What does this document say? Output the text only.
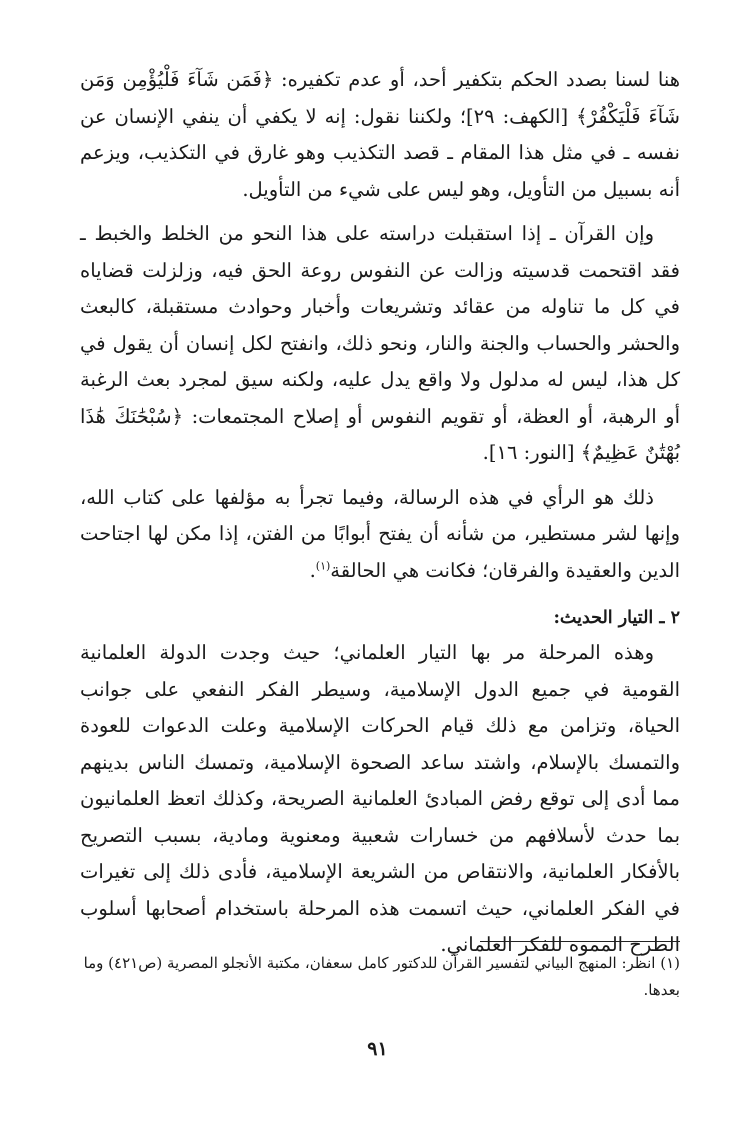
هنا لسنا بصدد الحكم بتكفير أحد، أو عدم تكفيره: ﴿فَمَن شَآءَ فَلْيُؤْمِن وَمَن شَآءَ فَلْيَكْفُرْ﴾ [الكهف: ٢٩]؛ ولكننا نقول: إنه لا يكفي أن ينفي الإنسان عن نفسه ـ في مثل هذا المقام ـ قصد التكذيب وهو غارق في التكذيب، ويزعم أنه بسبيل من التأويل، وهو ليس على شيء من التأويل.

وإن القرآن ـ إذا استقبلت دراسته على هذا النحو من الخلط والخبط ـ فقد اقتحمت قدسيته وزالت عن النفوس روعة الحق فيه، وزلزلت قضاياه في كل ما تناوله من عقائد وتشريعات وأخبار وحوادث مستقبلة، كالبعث والحشر والحساب والجنة والنار، ونحو ذلك، وانفتح لكل إنسان أن يقول في كل هذا، ليس له مدلول ولا واقع يدل عليه، ولكنه سيق لمجرد بعث الرغبة أو الرهبة، أو العظة، أو تقويم النفوس أو إصلاح المجتمعات: ﴿سُبْحَٰنَكَ هَٰذَا بُهْتَٰنٌ عَظِيمٌ﴾ [النور: ١٦].

ذلك هو الرأي في هذه الرسالة، وفيما تجرأ به مؤلفها على كتاب الله، وإنها لشر مستطير، من شأنه أن يفتح أبوابًا من الفتن، إذا مكن لها اجتاحت الدين والعقيدة والفرقان؛ فكانت هي الحالقة$^{(١)}$.

٢ ـ التيار الحديث:

وهذه المرحلة مر بها التيار العلماني؛ حيث وجدت الدولة العلمانية القومية في جميع الدول الإسلامية، وسيطر الفكر النفعي على جوانب الحياة، وتزامن مع ذلك قيام الحركات الإسلامية وعلت الدعوات للعودة والتمسك بالإسلام، واشتد ساعد الصحوة الإسلامية، وتمسك الناس بدينهم مما أدى إلى توقع رفض المبادئ العلمانية الصريحة، وكذلك اتعظ العلمانيون بما حدث لأسلافهم من خسارات شعبية ومعنوية ومادية، بسبب التصريح بالأفكار العلمانية، والانتقاص من الشريعة الإسلامية، فأدى ذلك إلى تغيرات في الفكر العلماني، حيث اتسمت هذه المرحلة باستخدام أصحابها أسلوب الطرح المموه للفكر العلماني.

(١) انظر: المنهج البياني لتفسير القرآن للدكتور كامل سعفان، مكتبة الأنجلو المصرية (ص٤٢١) وما بعدها.
٩١
